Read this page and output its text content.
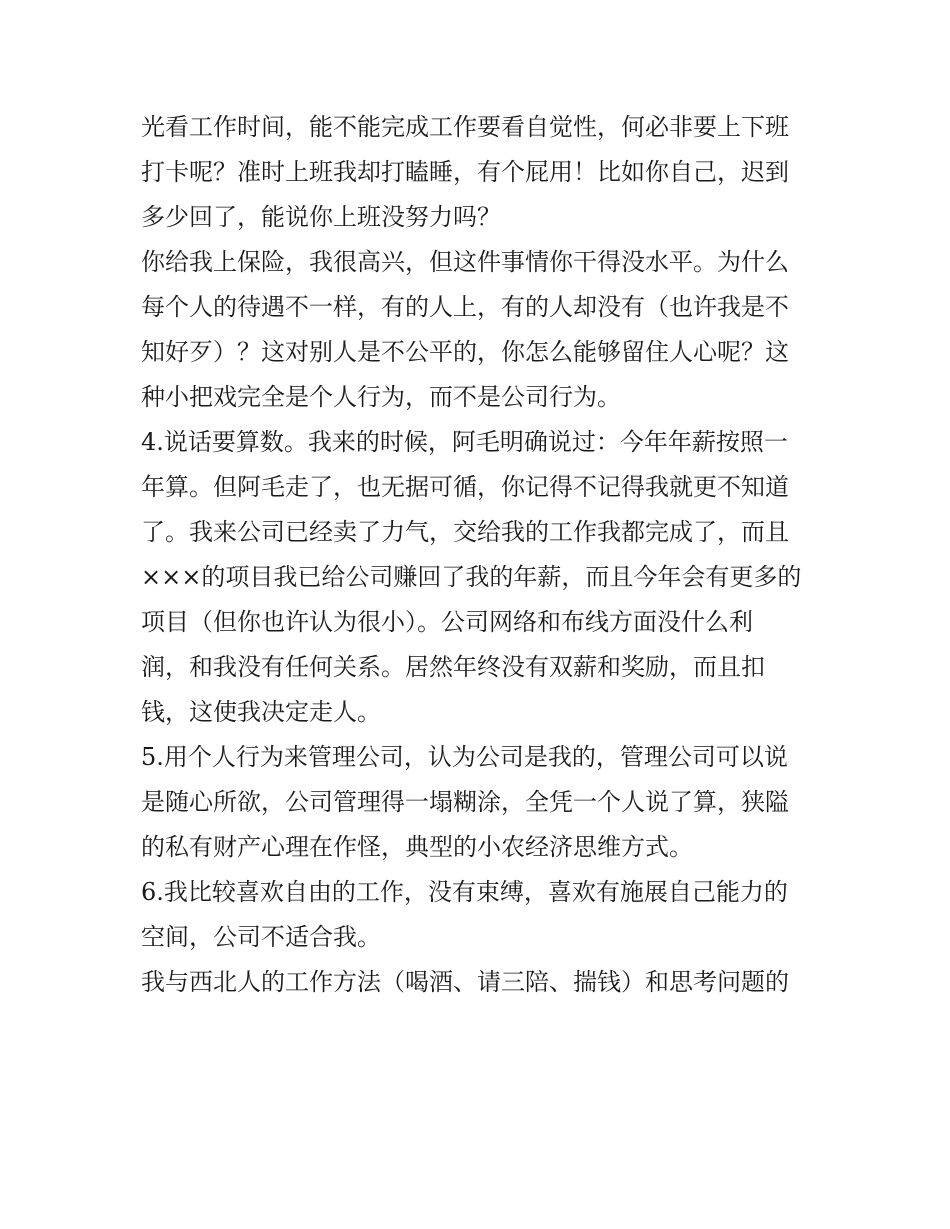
光看工作时间，能不能完成工作要看自觉性，何必非要上下班
打卡呢？准时上班我却打瞌睡，有个屁用！比如你自己，迟到
多少回了，能说你上班没努力吗？
你给我上保险，我很高兴，但这件事情你干得没水平。为什么
每个人的待遇不一样，有的人上，有的人却没有（也许我是不
知好歹）？这对别人是不公平的，你怎么能够留住人心呢？这
种小把戏完全是个人行为，而不是公司行为。
4.说话要算数。我来的时候，阿毛明确说过：今年年薪按照一
年算。但阿毛走了，也无据可循，你记得不记得我就更不知道
了。我来公司已经卖了力气，交给我的工作我都完成了，而且
×××的项目我已给公司赚回了我的年薪，而且今年会有更多的
项目（但你也许认为很小）。公司网络和布线方面没什么利
润，和我没有任何关系。居然年终没有双薪和奖励，而且扣
钱，这使我决定走人。
5.用个人行为来管理公司，认为公司是我的，管理公司可以说
是随心所欲，公司管理得一塌糊涂，全凭一个人说了算，狭隘
的私有财产心理在作怪，典型的小农经济思维方式。
6.我比较喜欢自由的工作，没有束缚，喜欢有施展自己能力的
空间，公司不适合我。
我与西北人的工作方法（喝酒、请三陪、揣钱）和思考问题的
